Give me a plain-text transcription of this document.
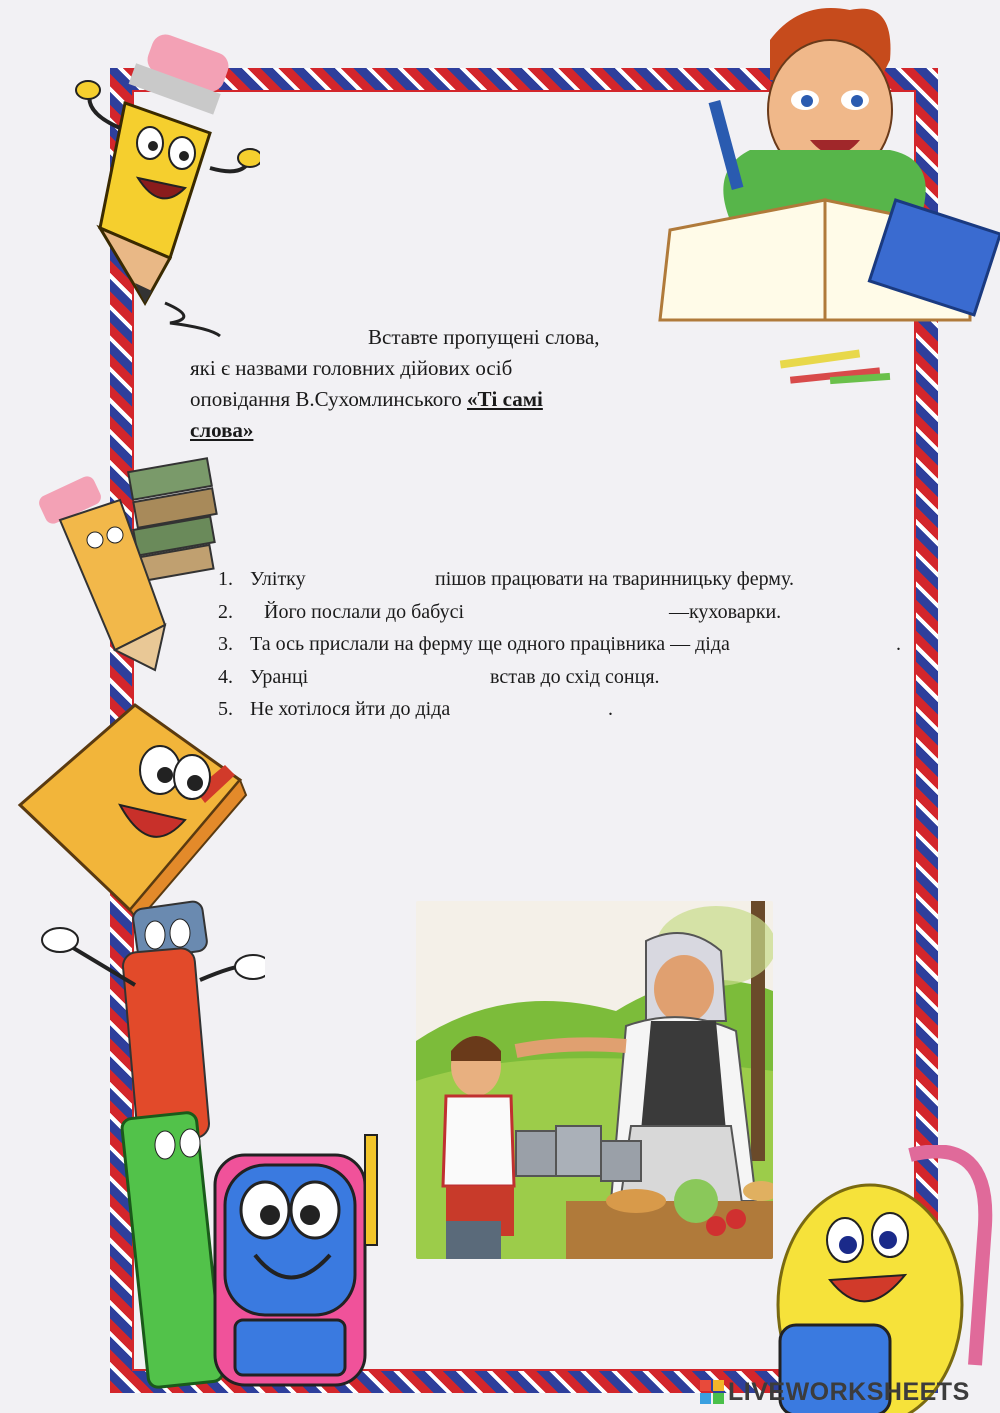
Вставте пропущені слова,
які є назвами головних дійових осіб
оповідання В.Сухомлинського «Ті самі
слова»
1. Улітку	пішов працювати на тваринницьку ферму.
2. Його послали до бабусі	—куховарки.
3. Та ось прислали на ферму ще одного працівника — діда	.
4. Уранці	встав до схід сонця.
5. Не хотілося йти до діда	.
LIVEWORKSHEETS
